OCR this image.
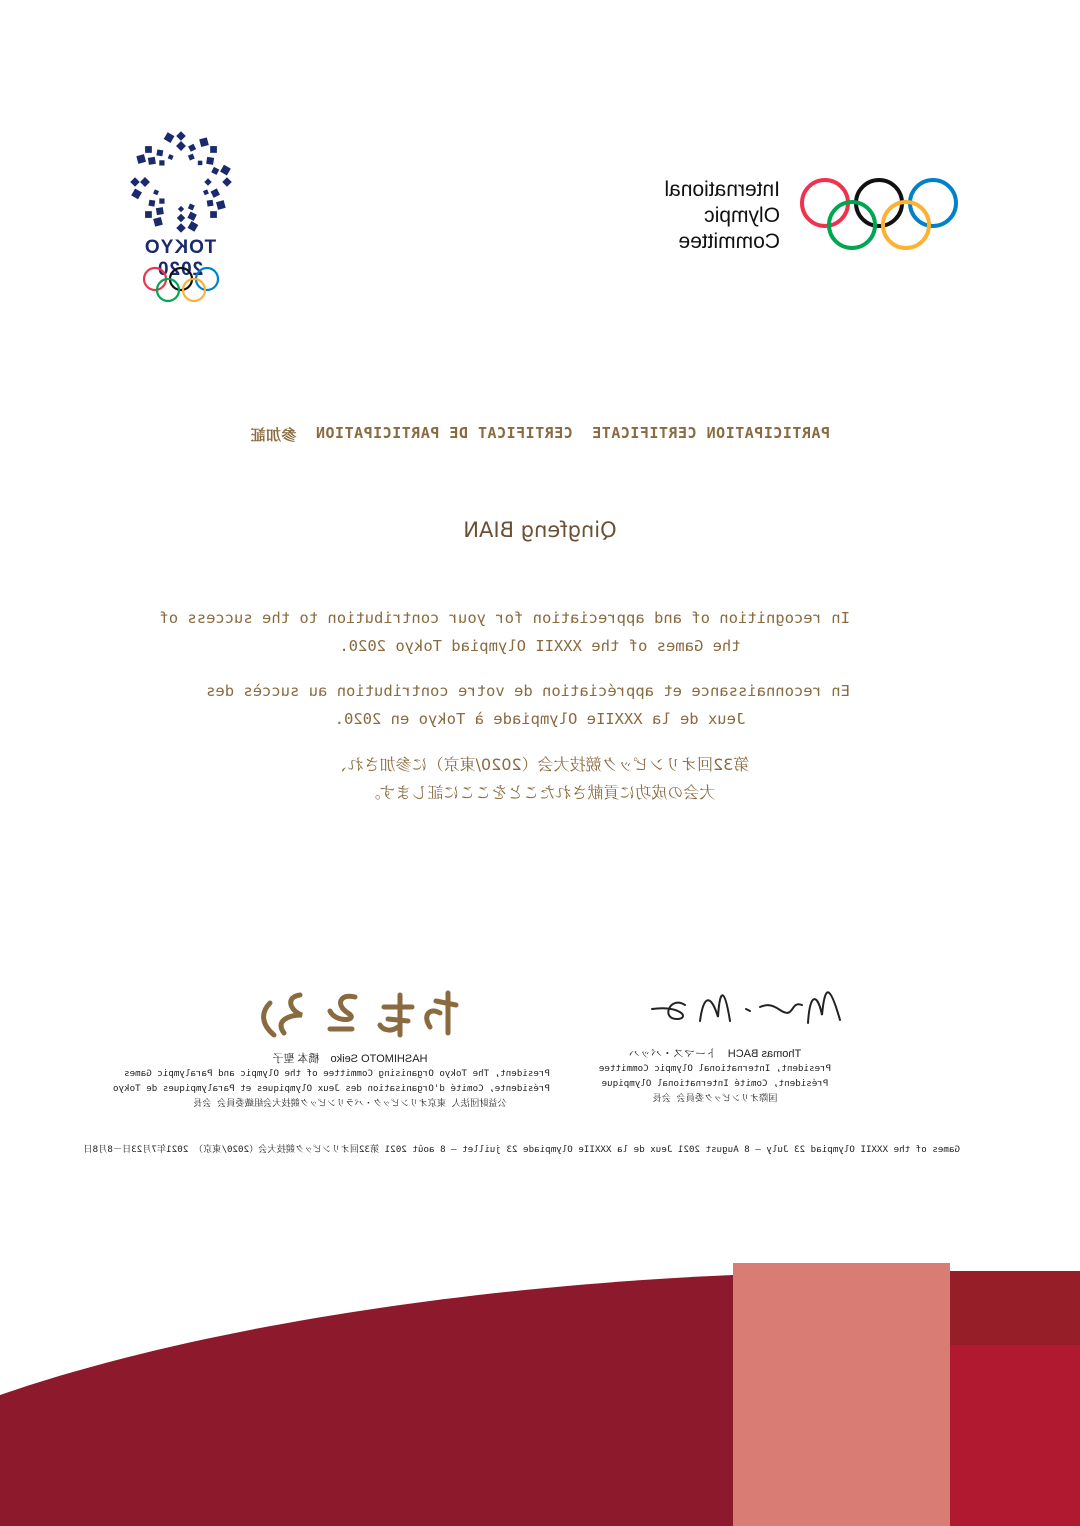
International
Olympic
Committee
TOKYO 2020
PARTICIPATION CERTIFICATE
CERTIFICAT DE PARTICIPATION
参加証
Qingfeng BIAN
In recognition of and appreciation for your contribution to the success of
the Games of the XXXII Olympiad Tokyo 2020.
En reconnaissance et appréciation de votre contribution au succès des
Jeux de la XXXIIe Olympiade à Tokyo en 2020.
第32回オリンピック競技大会（2020/東京）に参加され、
大会の成功に貢献されたことをここに証します。
Thomas BACH　トーマス・バッハ
President, International Olympic Committee
Président, Comité International Olympique
国際オリンピック委員会 会長
HASHIMOTO Seiko　橋本 聖子
President, The Tokyo Organising Committee of the Olympic and Paralympic Games
Présidente, Comité d'Organisation des Jeux Olympiques et Paralympiques de Tokyo
公益財団法人 東京オリンピック・パラリンピック競技大会組織委員会 会長
Games of the XXXII Olympiad 23 July – 8 August 2021 Jeux de la XXXIIe Olympiade 23 juillet – 8 août 2021 第32回オリンピック競技大会（2020/東京） 2021年7月23日－8月8日
